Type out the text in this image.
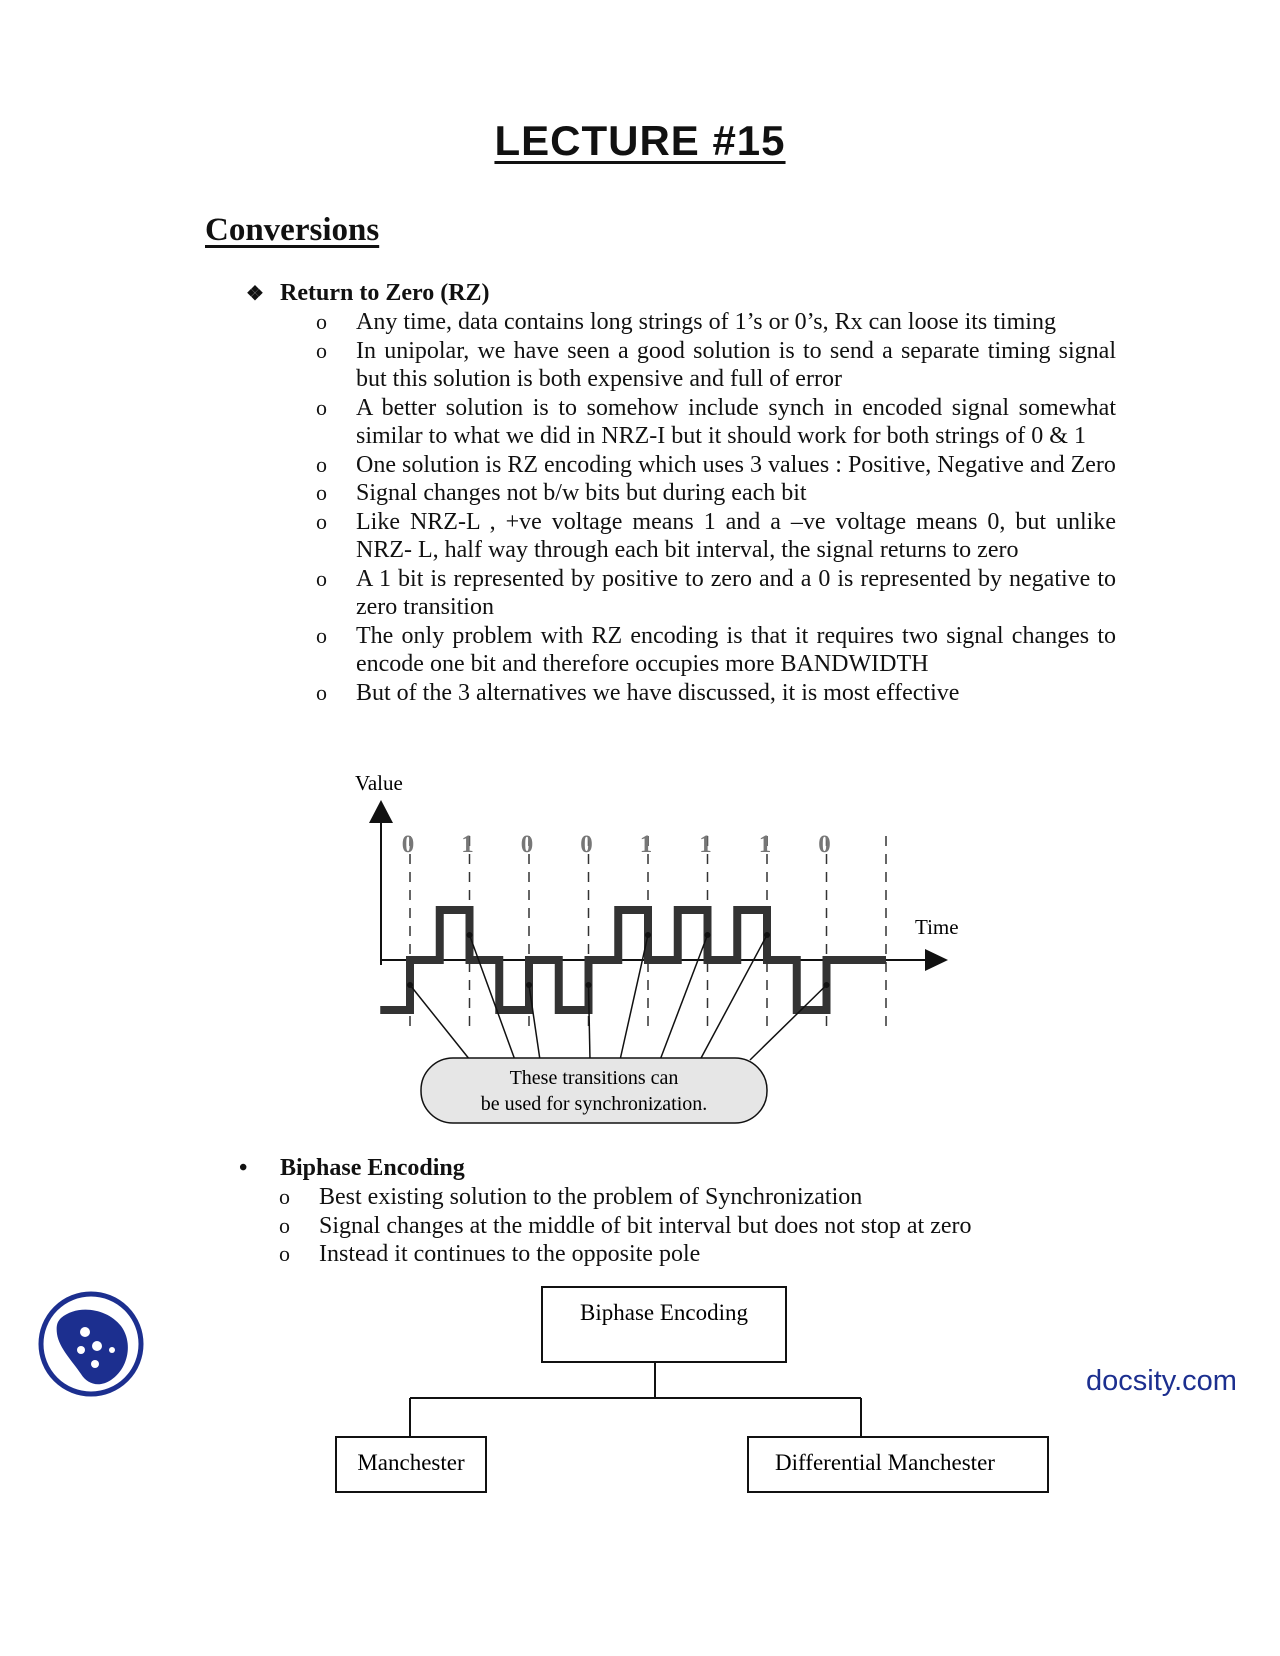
LECTURE #15
Conversions
❖ Return to Zero (RZ)
o Any time, data contains long strings of 1’s or 0’s, Rx can loose its timing
o In unipolar, we have seen a good solution is to send a separate timing signal but this solution is both expensive and full of error
o A better solution is to somehow include synch in encoded signal somewhat similar to what we did in NRZ-I but it should work for both strings of 0 & 1
o One solution is RZ encoding which uses 3 values : Positive, Negative and Zero
o Signal changes not b/w bits but during each bit
o Like NRZ-L , +ve voltage means 1 and a –ve voltage means 0, but unlike NRZ- L, half way through each bit interval, the signal returns to zero
o A 1 bit is represented by positive to zero and a 0 is represented by negative to zero transition
o The only problem with RZ encoding is that it requires two signal changes to encode one bit and therefore occupies more BANDWIDTH
o But of the 3 alternatives we have discussed, it is most effective
Value
Time
0 1 0 0 1 1 1 0
These transitions can
be used for synchronization.
Biphase Encoding
Manchester	Differential Manchester
• Biphase Encoding
o Best existing solution to the problem of Synchronization
o Signal changes at the middle of bit interval but does not stop at zero
o Instead it continues to the opposite pole
docsity.com
